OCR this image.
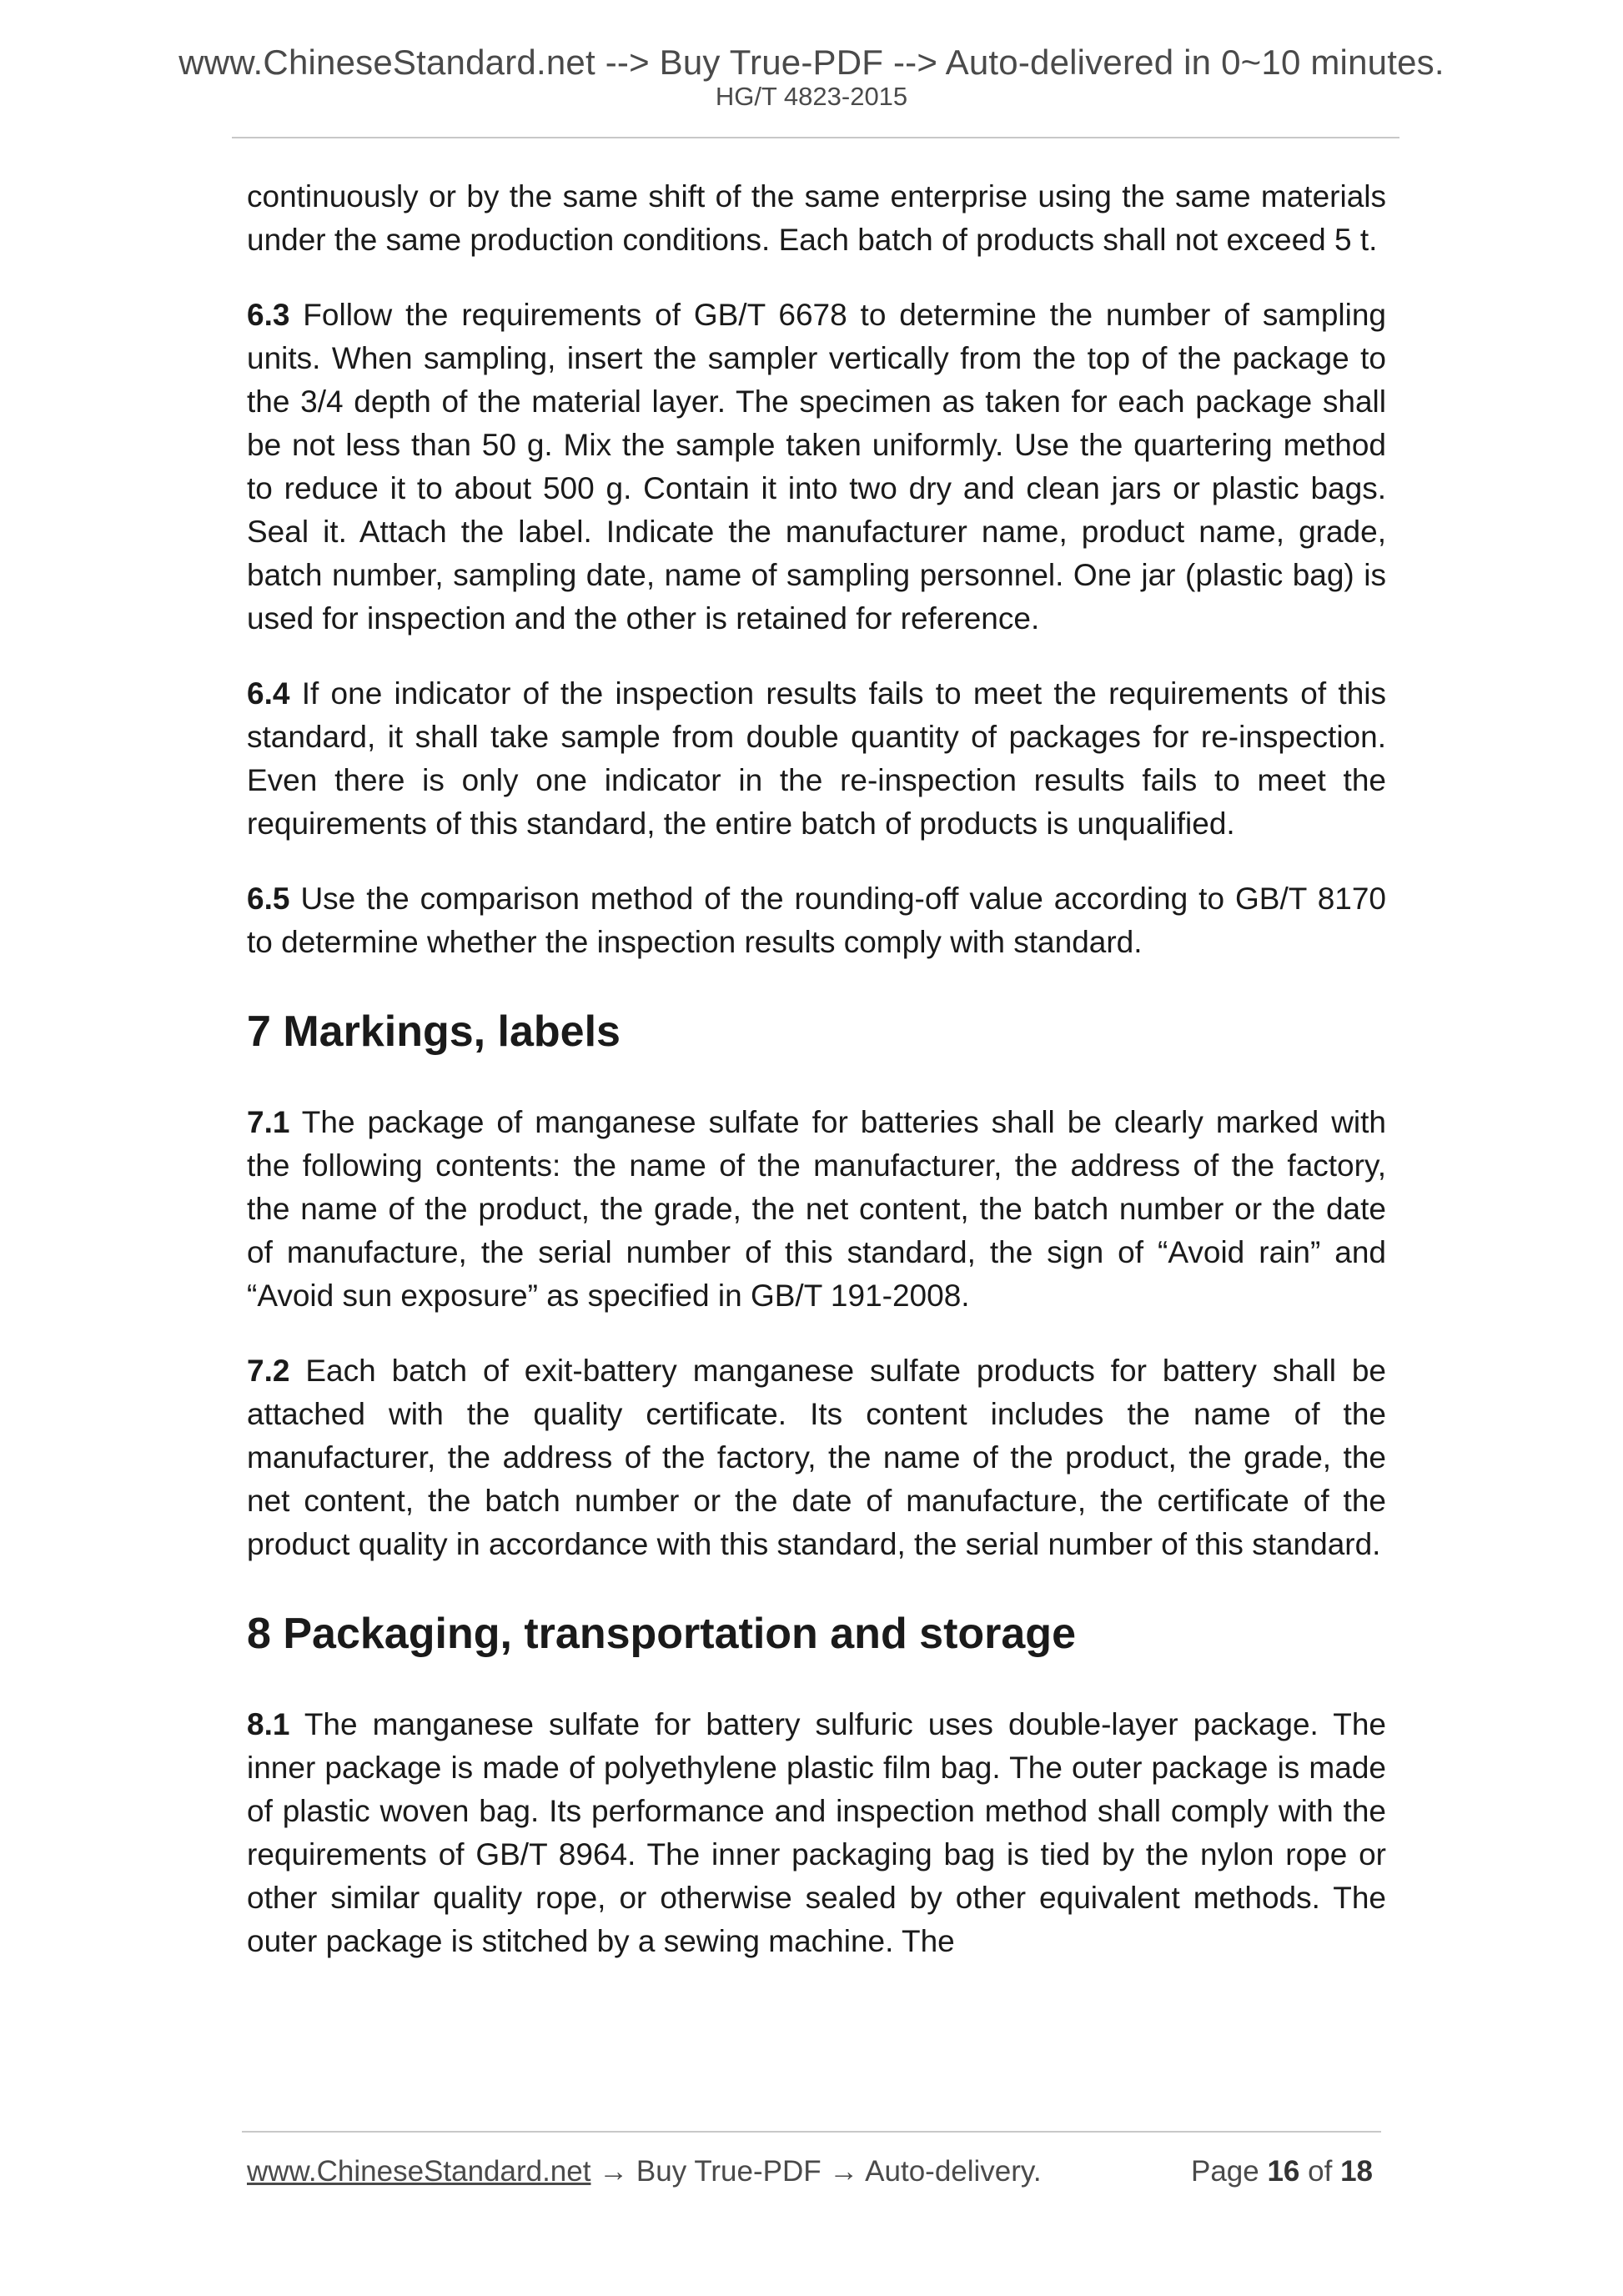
www.ChineseStandard.net --> Buy True-PDF --> Auto-delivered in 0~10 minutes.
HG/T 4823-2015

continuously or by the same shift of the same enterprise using the same materials under the same production conditions. Each batch of products shall not exceed 5 t.

6.3 Follow the requirements of GB/T 6678 to determine the number of sampling units. When sampling, insert the sampler vertically from the top of the package to the 3/4 depth of the material layer. The specimen as taken for each package shall be not less than 50 g. Mix the sample taken uniformly. Use the quartering method to reduce it to about 500 g. Contain it into two dry and clean jars or plastic bags. Seal it. Attach the label. Indicate the manufacturer name, product name, grade, batch number, sampling date, name of sampling personnel. One jar (plastic bag) is used for inspection and the other is retained for reference.

6.4 If one indicator of the inspection results fails to meet the requirements of this standard, it shall take sample from double quantity of packages for re-inspection. Even there is only one indicator in the re-inspection results fails to meet the requirements of this standard, the entire batch of products is unqualified.

6.5 Use the comparison method of the rounding-off value according to GB/T 8170 to determine whether the inspection results comply with standard.

7 Markings, labels

7.1 The package of manganese sulfate for batteries shall be clearly marked with the following contents: the name of the manufacturer, the address of the factory, the name of the product, the grade, the net content, the batch number or the date of manufacture, the serial number of this standard, the sign of “Avoid rain” and “Avoid sun exposure” as specified in GB/T 191-2008.

7.2 Each batch of exit-battery manganese sulfate products for battery shall be attached with the quality certificate. Its content includes the name of the manufacturer, the address of the factory, the name of the product, the grade, the net content, the batch number or the date of manufacture, the certificate of the product quality in accordance with this standard, the serial number of this standard.

8 Packaging, transportation and storage

8.1 The manganese sulfate for battery sulfuric uses double-layer package. The inner package is made of polyethylene plastic film bag. The outer package is made of plastic woven bag. Its performance and inspection method shall comply with the requirements of GB/T 8964. The inner packaging bag is tied by the nylon rope or other similar quality rope, or otherwise sealed by other equivalent methods. The outer package is stitched by a sewing machine. The

www.ChineseStandard.net → Buy True-PDF → Auto-delivery.	Page 16 of 18
